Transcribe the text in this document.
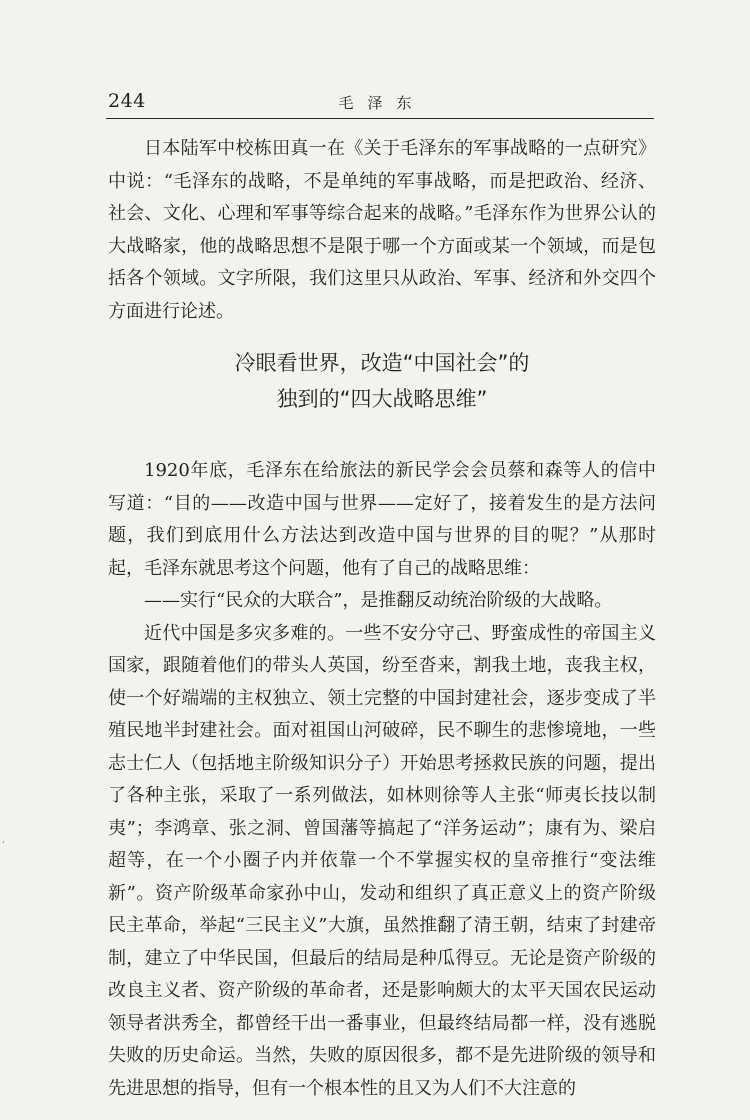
244	毛泽东

日本陆军中校栋田真一在《关于毛泽东的军事战略的一点研究》中说：“毛泽东的战略，不是单纯的军事战略，而是把政治、经济、社会、文化、心理和军事等综合起来的战略。”毛泽东作为世界公认的大战略家，他的战略思想不是限于哪一个方面或某一个领域，而是包括各个领域。文字所限，我们这里只从政治、军事、经济和外交四个方面进行论述。

冷眼看世界，改造“中国社会”的
独到的“四大战略思维”

1920年底，毛泽东在给旅法的新民学会会员蔡和森等人的信中写道：“目的——改造中国与世界——定好了，接着发生的是方法问题，我们到底用什么方法达到改造中国与世界的目的呢？”从那时起，毛泽东就思考这个问题，他有了自己的战略思维：

——实行“民众的大联合”，是推翻反动统治阶级的大战略。

近代中国是多灾多难的。一些不安分守己、野蛮成性的帝国主义国家，跟随着他们的带头人英国，纷至沓来，割我土地，丧我主权，使一个好端端的主权独立、领土完整的中国封建社会，逐步变成了半殖民地半封建社会。面对祖国山河破碎，民不聊生的悲惨境地，一些志士仁人（包括地主阶级知识分子）开始思考拯救民族的问题，提出了各种主张，采取了一系列做法，如林则徐等人主张“师夷长技以制夷”；李鸿章、张之洞、曾国藩等搞起了“洋务运动”；康有为、梁启超等，在一个小圈子内并依靠一个不掌握实权的皇帝推行“变法维新”。资产阶级革命家孙中山，发动和组织了真正意义上的资产阶级民主革命，举起“三民主义”大旗，虽然推翻了清王朝，结束了封建帝制，建立了中华民国，但最后的结局是种瓜得豆。无论是资产阶级的改良主义者、资产阶级的革命者，还是影响颇大的太平天国农民运动领导者洪秀全，都曾经干出一番事业，但最终结局都一样，没有逃脱失败的历史命运。当然，失败的原因很多，都不是先进阶级的领导和先进思想的指导，但有一个根本性的且又为人们不大注意的

,
